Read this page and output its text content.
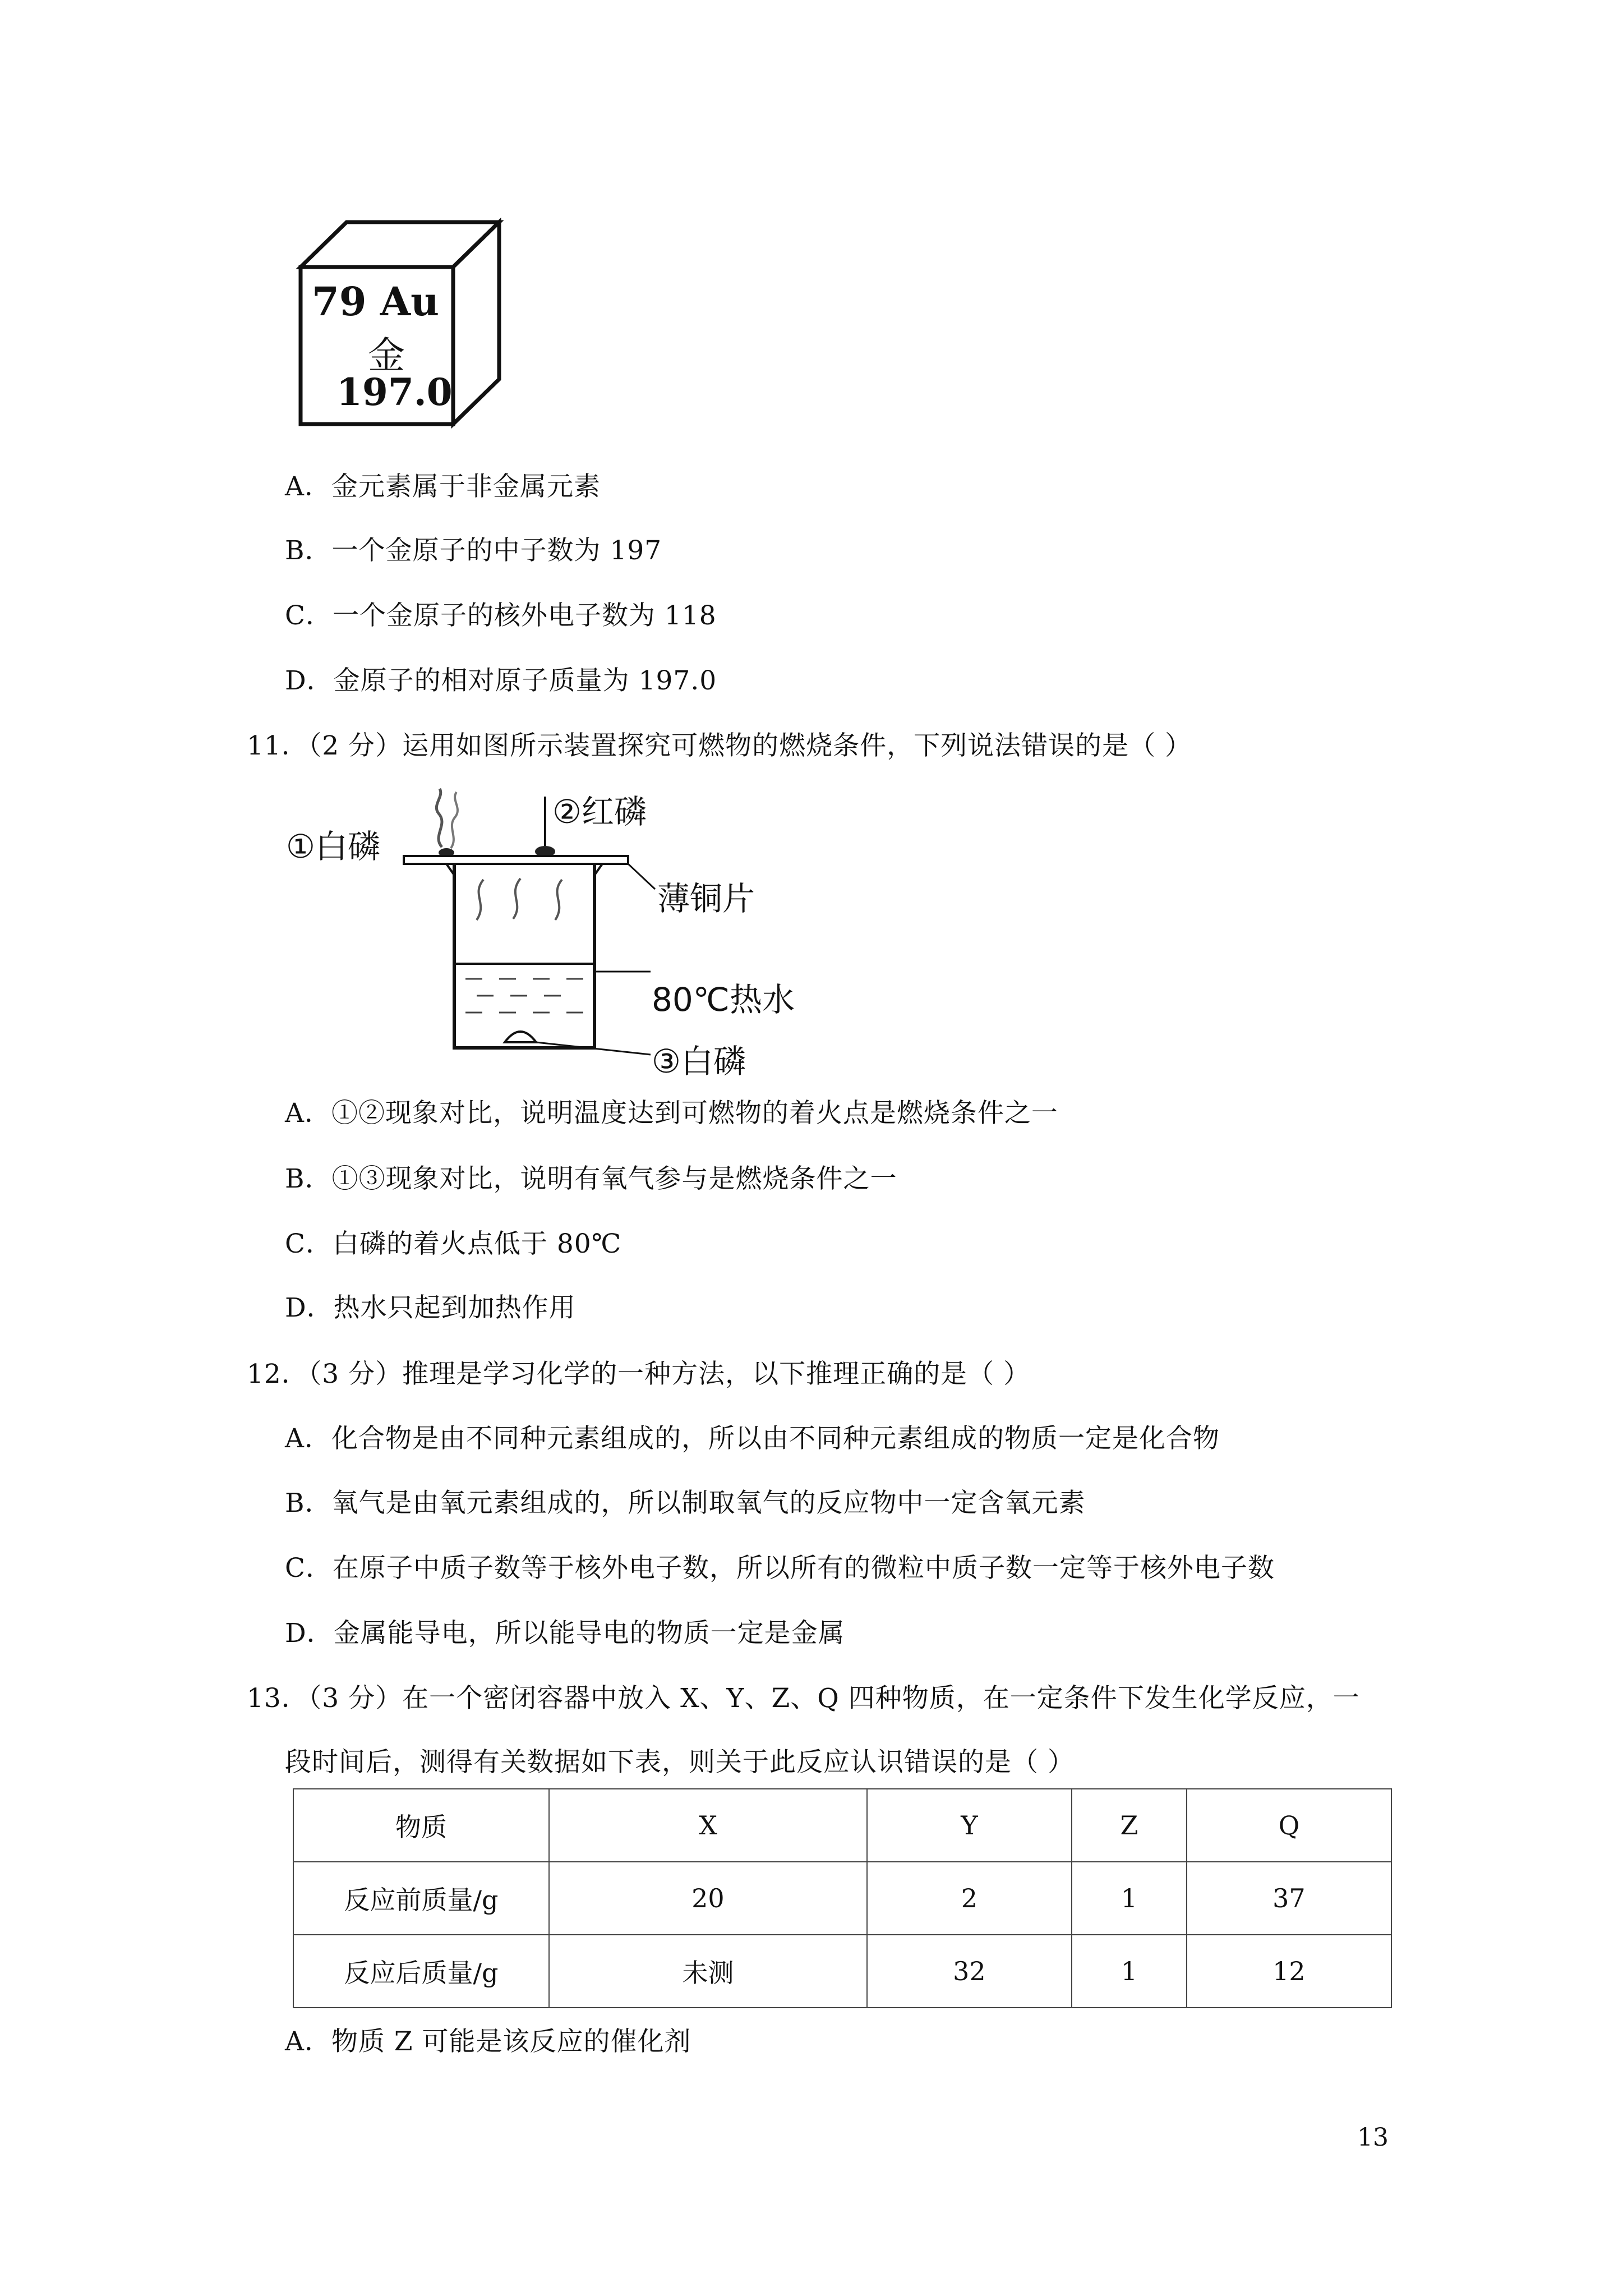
79 Au
金
197.0
A．金元素属于非金属元素
B．一个金原子的中子数为 197
C．一个金原子的核外电子数为 118
D．金原子的相对原子质量为 197.0
11．（2 分）运用如图所示装置探究可燃物的燃烧条件，下列说法错误的是（ ）
②红磷
①白磷
薄铜片
80℃热水
③白磷
A．①②现象对比，说明温度达到可燃物的着火点是燃烧条件之一
B．①③现象对比，说明有氧气参与是燃烧条件之一
C．白磷的着火点低于 80℃
D．热水只起到加热作用
12．（3 分）推理是学习化学的一种方法，以下推理正确的是（ ）
A．化合物是由不同种元素组成的，所以由不同种元素组成的物质一定是化合物
B．氧气是由氧元素组成的，所以制取氧气的反应物中一定含氧元素
C．在原子中质子数等于核外电子数，所以所有的微粒中质子数一定等于核外电子数
D．金属能导电，所以能导电的物质一定是金属
13．（3 分）在一个密闭容器中放入 X、Y、Z、Q 四种物质，在一定条件下发生化学反应，一
段时间后，测得有关数据如下表，则关于此反应认识错误的是（ ）
物质	X	Y	Z	Q
反应前质量/g	20	2	1	37
反应后质量/g	未测	32	1	12
A．物质 Z 可能是该反应的催化剂
13
